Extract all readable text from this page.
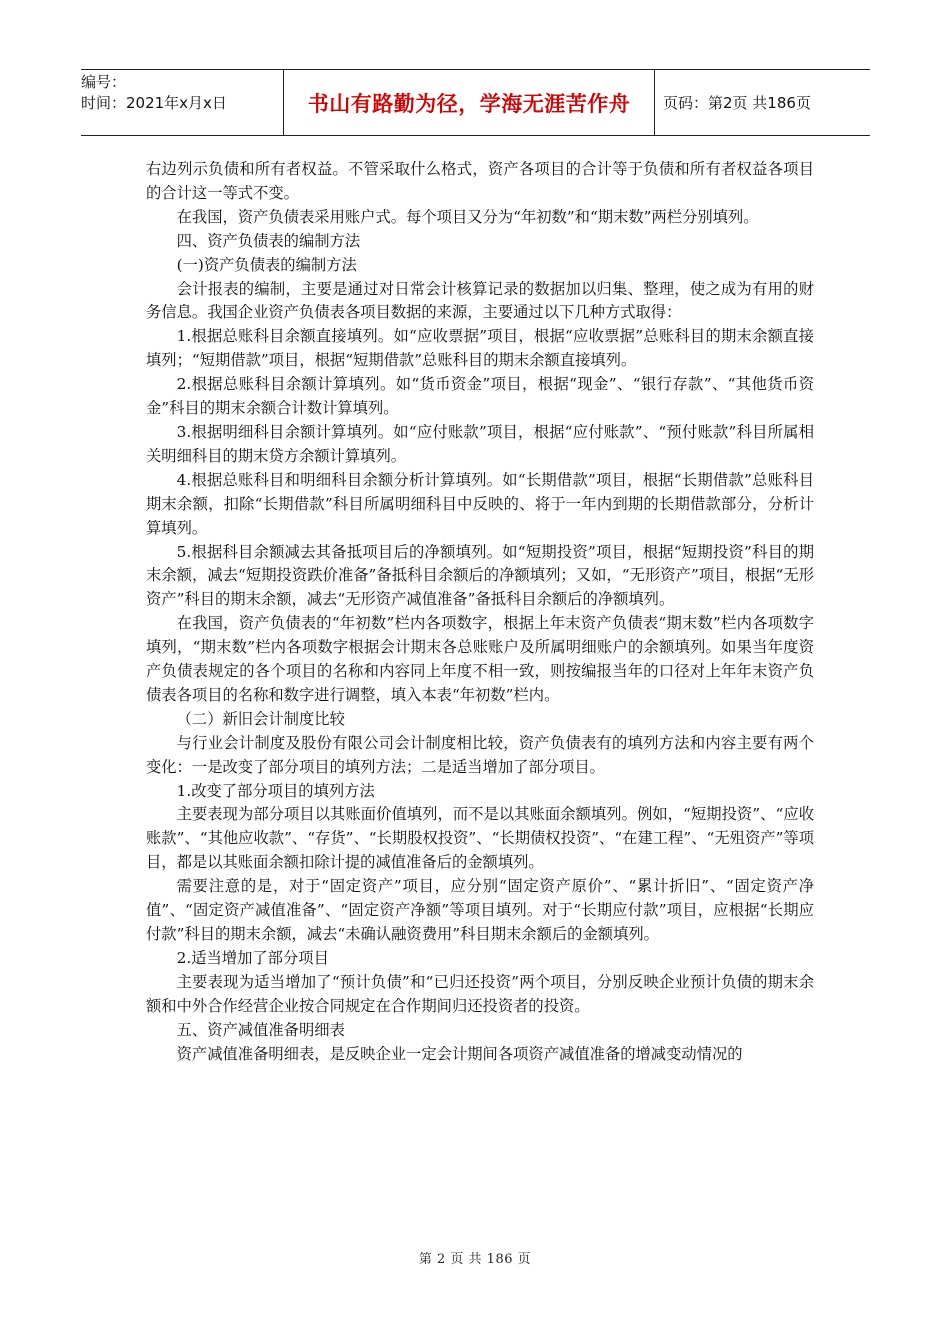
编号：
时间：2021年x月x日	书山有路勤为径，学海无涯苦作舟	页码：第2页 共186页

右边列示负债和所有者权益。不管采取什么格式，资产各项目的合计等于负债和所有者权益各项目的合计这一等式不变。

在我国，资产负债表采用账户式。每个项目又分为“年初数”和“期末数”两栏分别填列。

四、资产负债表的编制方法

(一)资产负债表的编制方法

会计报表的编制，主要是通过对日常会计核算记录的数据加以归集、整理，使之成为有用的财务信息。我国企业资产负债表各项目数据的来源，主要通过以下几种方式取得：

1.根据总账科目余额直接填列。如“应收票据”项目，根据“应收票据”总账科目的期末余额直接填列；“短期借款”项目，根据“短期借款”总账科目的期末余额直接填列。

2.根据总账科目余额计算填列。如“货币资金”项目，根据“现金”、“银行存款”、“其他货币资金”科目的期末余额合计数计算填列。

3.根据明细科目余额计算填列。如“应付账款”项目，根据“应付账款”、“预付账款”科目所属相关明细科目的期末贷方余额计算填列。

4.根据总账科目和明细科目余额分析计算填列。如“长期借款”项目，根据“长期借款”总账科目期末余额，扣除“长期借款”科目所属明细科目中反映的、将于一年内到期的长期借款部分，分析计算填列。

5.根据科目余额减去其备抵项目后的净额填列。如“短期投资”项目，根据“短期投资”科目的期末余额，减去“短期投资跌价准备”备抵科目余额后的净额填列；又如，“无形资产”项目，根据“无形资产”科目的期末余额，减去“无形资产减值准备”备抵科目余额后的净额填列。

在我国，资产负债表的“年初数”栏内各项数字，根据上年末资产负债表“期末数”栏内各项数字填列，“期末数”栏内各项数字根据会计期末各总账账户及所属明细账户的余额填列。如果当年度资产负债表规定的各个项目的名称和内容同上年度不相一致，则按编报当年的口径对上年年末资产负债表各项目的名称和数字进行调整，填入本表“年初数”栏内。

（二）新旧会计制度比较

与行业会计制度及股份有限公司会计制度相比较，资产负债表有的填列方法和内容主要有两个变化：一是改变了部分项目的填列方法；二是适当增加了部分项目。

1.改变了部分项目的填列方法

主要表现为部分项目以其账面价值填列，而不是以其账面余额填列。例如，“短期投资”、“应收账款”、“其他应收款”、“存货”、“长期股权投资”、“长期债权投资”、“在建工程”、“无殂资产”等项目，都是以其账面余额扣除计提的减值准备后的金额填列。

需要注意的是，对于“固定资产”项目，应分别“固定资产原价”、“累计折旧”、“固定资产净值”、“固定资产减值准备”、“固定资产净额”等项目填列。对于“长期应付款”项目，应根据“长期应付款”科目的期末余额，减去“未确认融资费用”科目期末余额后的金额填列。

2.适当增加了部分项目

主要表现为适当增加了“预计负债”和“已归还投资”两个项目，分别反映企业预计负债的期末余额和中外合作经营企业按合同规定在合作期间归还投资者的投资。

五、资产减值准备明细表

资产减值准备明细表，是反映企业一定会计期间各项资产减值准备的增减变动情况的

第 2 页 共 186 页
